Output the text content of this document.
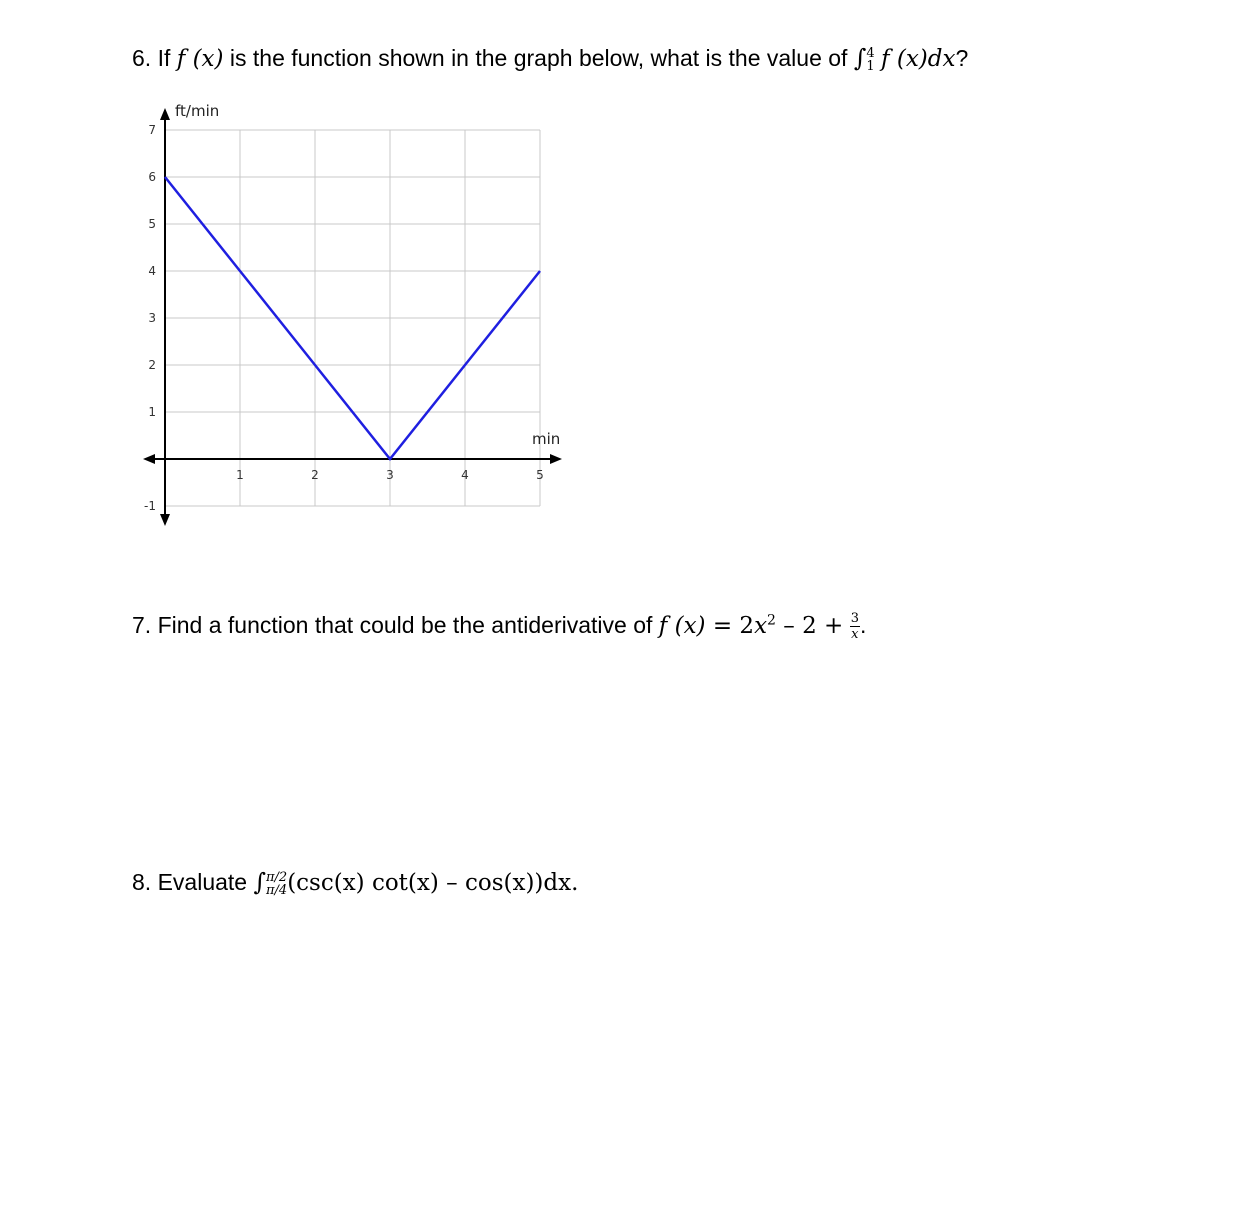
6. If f (x) is the function shown in the graph below, what is the value of ∫ 4
1 f (x)dx?
1	2	3	4	5
-1
1
2
3
4
5
6
7
ft/min
min
7. Find a function that could be the antiderivative of f $(x) = 2x^2 - 2 + \frac{3}{x}$ .
8. Evaluate ∫ π/2
π/4 (csc(x) cot(x) – cos(x))dx.
